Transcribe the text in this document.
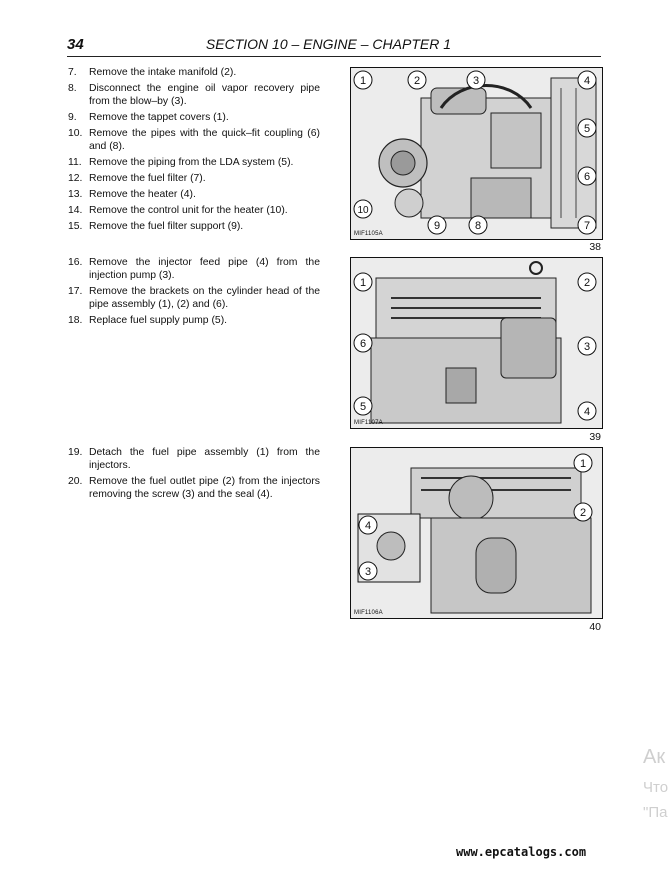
34	SECTION 10 – ENGINE – CHAPTER 1
7.	Remove the intake manifold (2).
8.	Disconnect the engine oil vapor recovery pipe from the blow–by (3).
9.	Remove the tappet covers (1).
10. Remove the pipes with the quick–fit coupling (6) and (8).
11. Remove the piping from the LDA system (5).
12. Remove the fuel filter (7).
13. Remove the heater (4).
14. Remove the control unit for the heater (10).
15. Remove the fuel filter support (9).
16. Remove the injector feed pipe (4) from the injection pump (3).
17. Remove the brackets on the cylinder head of the pipe assembly (1), (2) and (6).
18. Replace fuel supply pump (5).
19. Detach the fuel pipe assembly (1) from the injectors.
20. Remove the fuel outlet pipe (2) from the injectors removing the screw (3) and the seal (4).
1	2	3	4
5
6
7
8
9
10
MIF1105A
38
1	2
3
4
5
6
MIF1107A
39
1
2
3
4
MIF1106A
40
Ак
Что
"Па
www.epcatalogs.com
